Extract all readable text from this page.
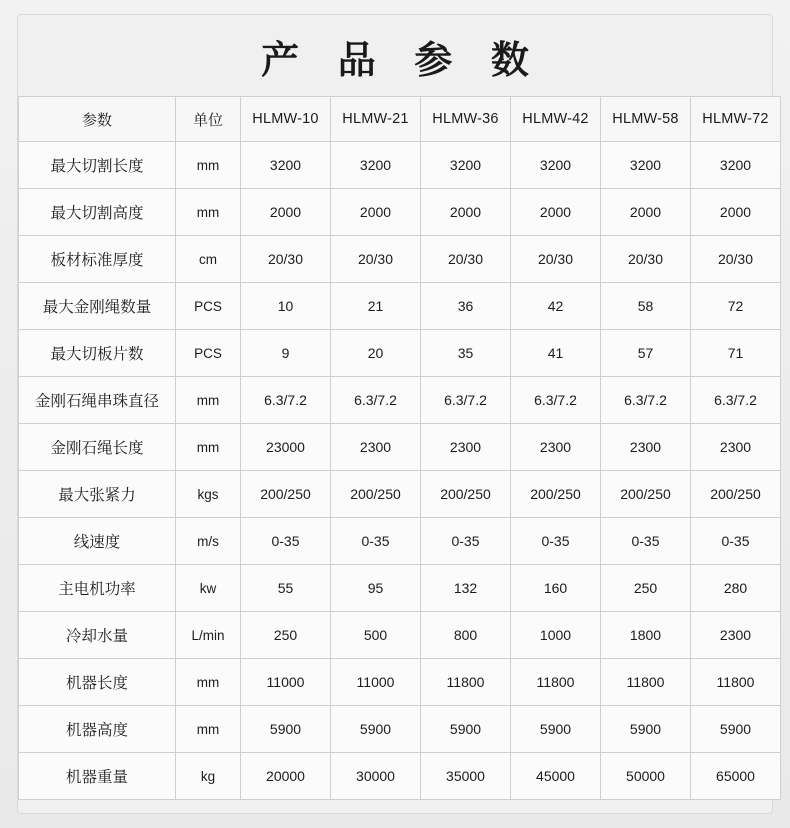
产 品 参 数
参数	单位	HLMW-10	HLMW-21	HLMW-36	HLMW-42	HLMW-58	HLMW-72
最大切割长度	mm	3200	3200	3200	3200	3200	3200
最大切割高度	mm	2000	2000	2000	2000	2000	2000
板材标准厚度	cm	20/30	20/30	20/30	20/30	20/30	20/30
最大金刚绳数量	PCS	10	21	36	42	58	72
最大切板片数	PCS	9	20	35	41	57	71
金刚石绳串珠直径	mm	6.3/7.2	6.3/7.2	6.3/7.2	6.3/7.2	6.3/7.2	6.3/7.2
金刚石绳长度	mm	23000	2300	2300	2300	2300	2300
最大张紧力	kgs	200/250	200/250	200/250	200/250	200/250	200/250
线速度	m/s	0-35	0-35	0-35	0-35	0-35	0-35
主电机功率	kw	55	95	132	160	250	280
冷却水量	L/min	250	500	800	1000	1800	2300
机器长度	mm	11000	11000	11800	11800	11800	11800
机器高度	mm	5900	5900	5900	5900	5900	5900
机器重量	kg	20000	30000	35000	45000	50000	65000
